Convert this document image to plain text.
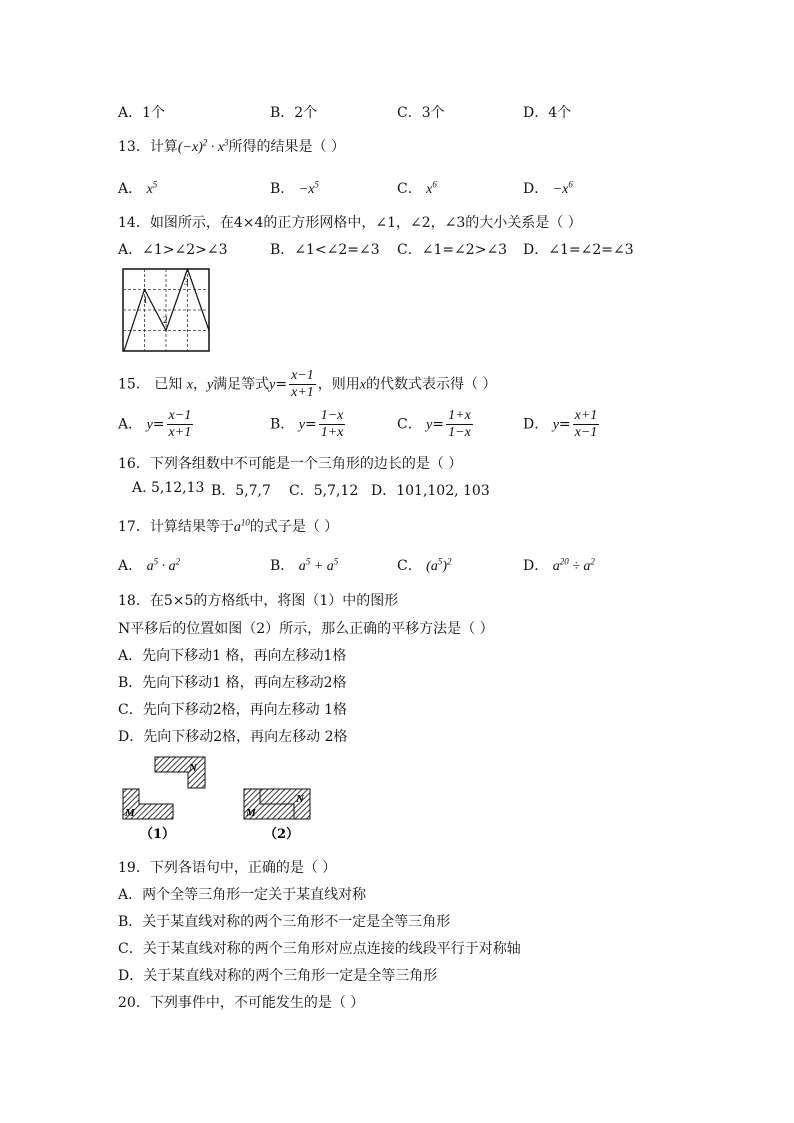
A．1个	B．2个	C．3个	D．4个
13．计算$(-x)^2 \cdot x^3$所得的结果是（ ）
A． $x^5$	B． $-x^5$	C． $x^6$	D． $-x^6$
14．如图所示，在4×4的正方形网格中，∠1，∠2，∠3的大小关系是（ ）
A．∠1>∠2>∠3	B．∠1<∠2=∠3 C．∠1=∠2>∠3 D．∠1=∠2=∠3
1
2
3
15． 已知 x，y满足等式$y= \frac{x-1}{x+1}$ ，则用x的代数式表示得（ ）
A． $y= \frac{x-1}{x+1}$	B． $y= \frac{1-x}{1+x}$	C． $y= \frac{1+x}{1-x}$	D． $y= \frac{x+1}{x-1}$
16．下列各组数中不可能是一个三角形的边长的是（ ）
A. 5,12,13 B．5,7,7 C．5,7,12 D．101,102, 103
17．计算结果等于$a^{10}$的式子是（ ）
A． $a^5 \cdot a^2$	B． $a^5 + a^5$	C． $(a^5)^2$	D． $a^{20} \div a^2$
18．在5×5的方格纸中，将图（1）中的图形
N平移后的位置如图（2）所示，那么正确的平移方法是（ ）
A．先向下移动1 格，再向左移动1格
B．先向下移动1 格，再向左移动2格
C．先向下移动2格，再向左移动 1格
D．先向下移动2格，再向左移动 2格
N
M
（1）
M
N
（2）
19．下列各语句中，正确的是（ ）
A．两个全等三角形一定关于某直线对称
B．关于某直线对称的两个三角形不一定是全等三角形
C．关于某直线对称的两个三角形对应点连接的线段平行于对称轴
D．关于某直线对称的两个三角形一定是全等三角形
20．下列事件中，不可能发生的是（ ）
